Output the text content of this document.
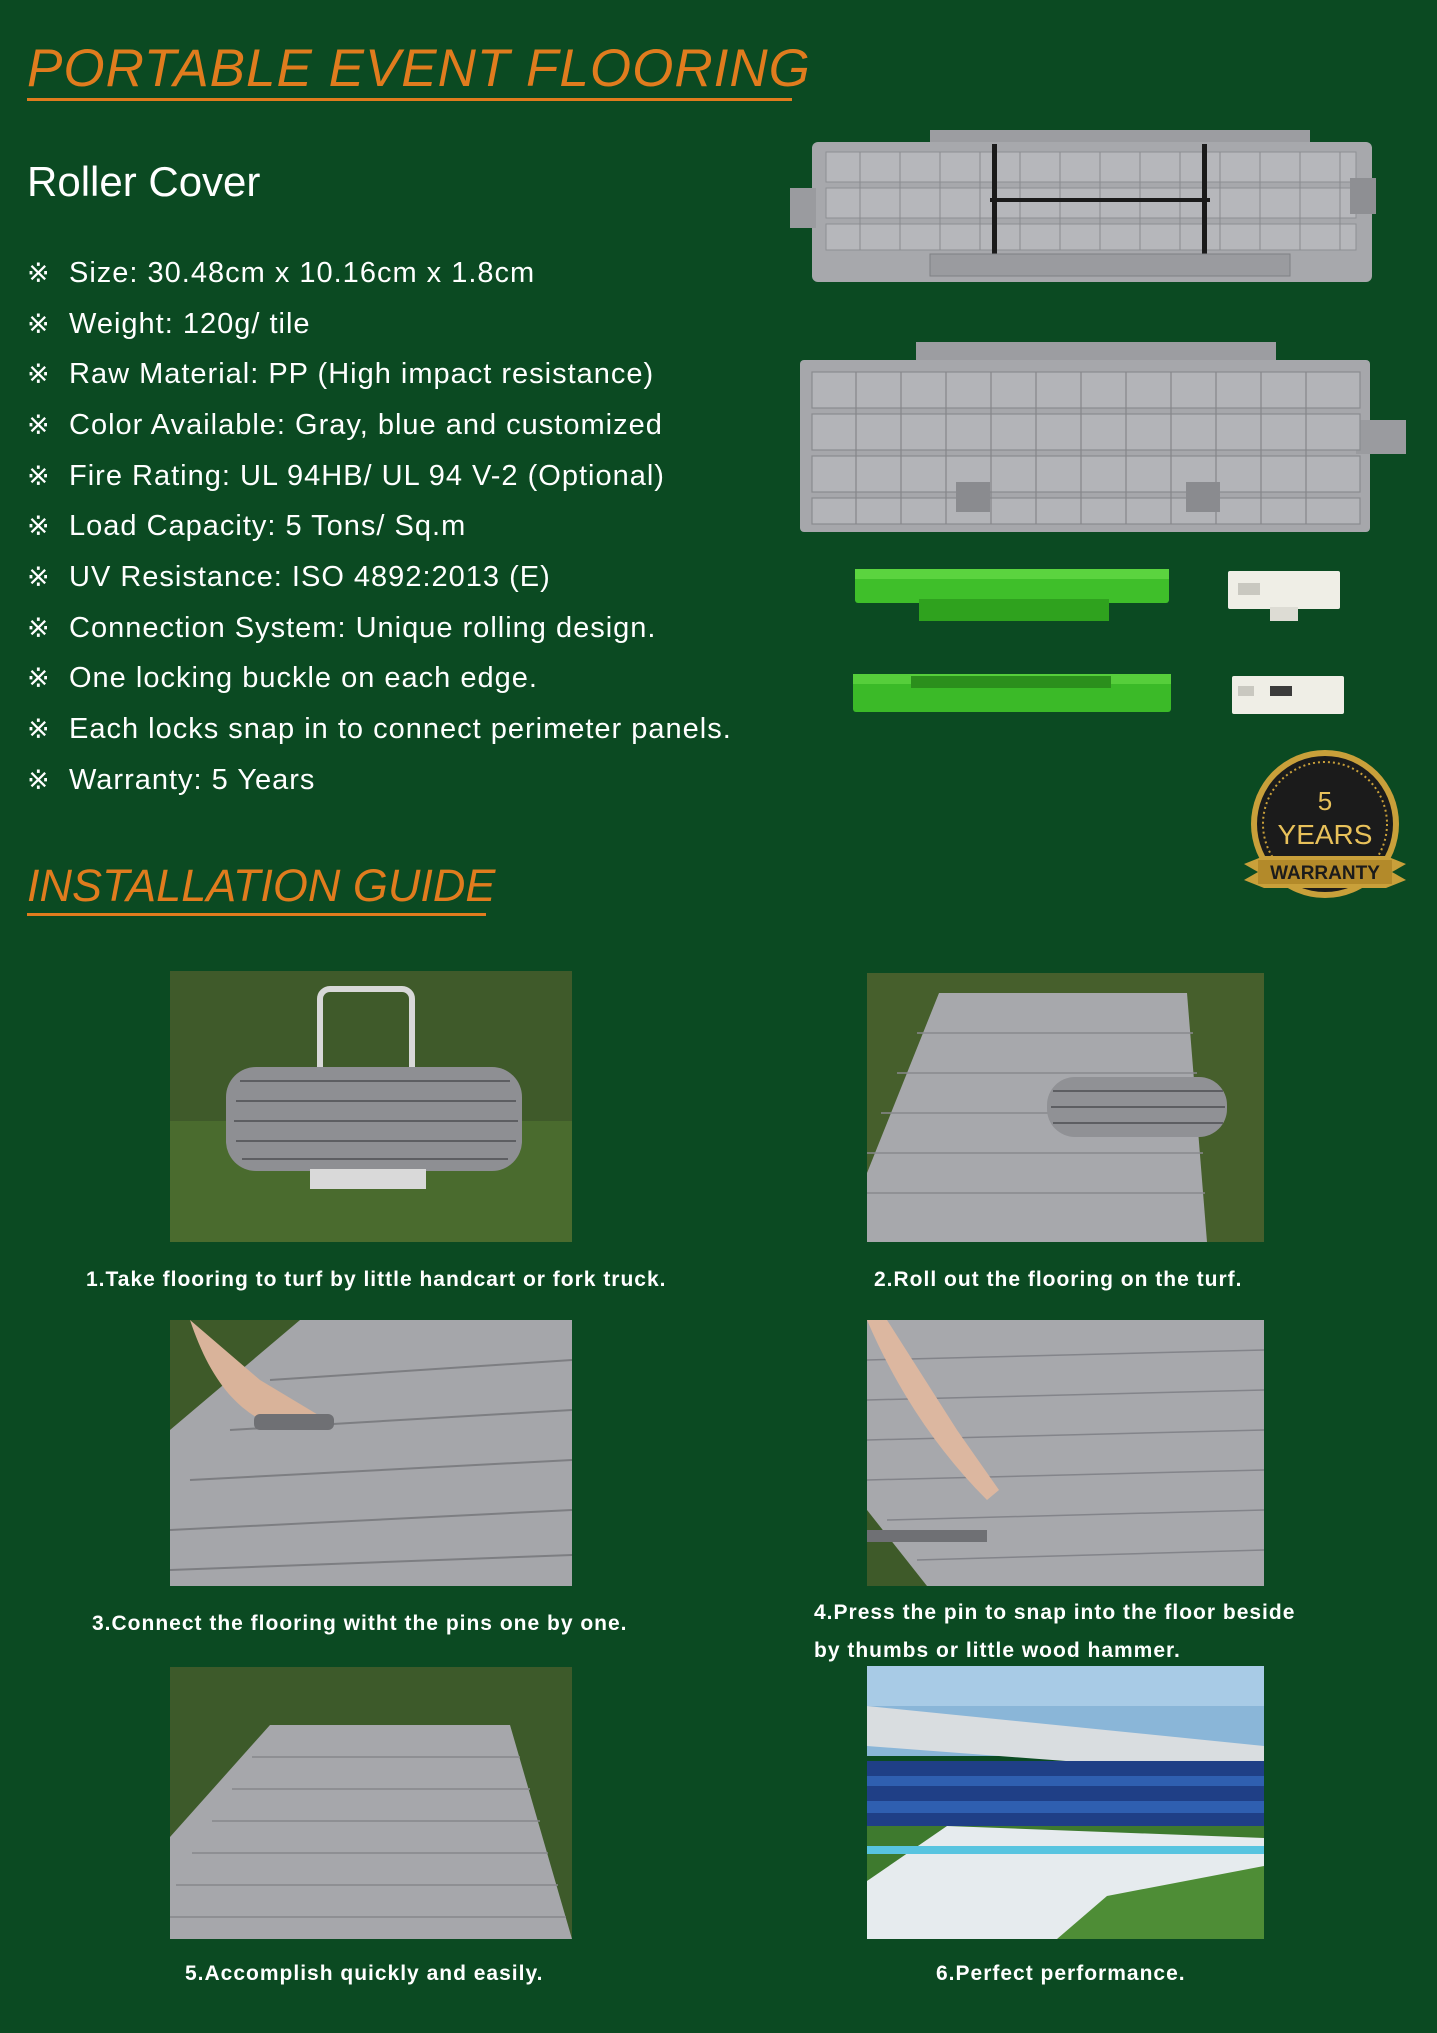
PORTABLE EVENT FLOORING
Roller Cover
※ Size: 30.48cm x 10.16cm x 1.8cm
※ Weight: 120g/ tile
※ Raw Material: PP (High impact resistance)
※ Color Available: Gray, blue and customized
※ Fire Rating: UL 94HB/ UL 94 V-2 (Optional)
※ Load Capacity: 5 Tons/ Sq.m
※ UV Resistance: ISO 4892:2013 (E)
※ Connection System: Unique rolling design.
※ One locking buckle on each edge.
※ Each locks snap in to connect perimeter panels.
※ Warranty: 5 Years
5
YEARS
WARRANTY
INSTALLATION GUIDE
1.Take flooring to turf by little handcart or fork truck.	2.Roll out the flooring on the turf.
3.Connect the flooring witht the pins one by one.	4.Press the pin to snap into the floor beside
by thumbs or little wood hammer.
5.Accomplish quickly and easily.	6.Perfect performance.
